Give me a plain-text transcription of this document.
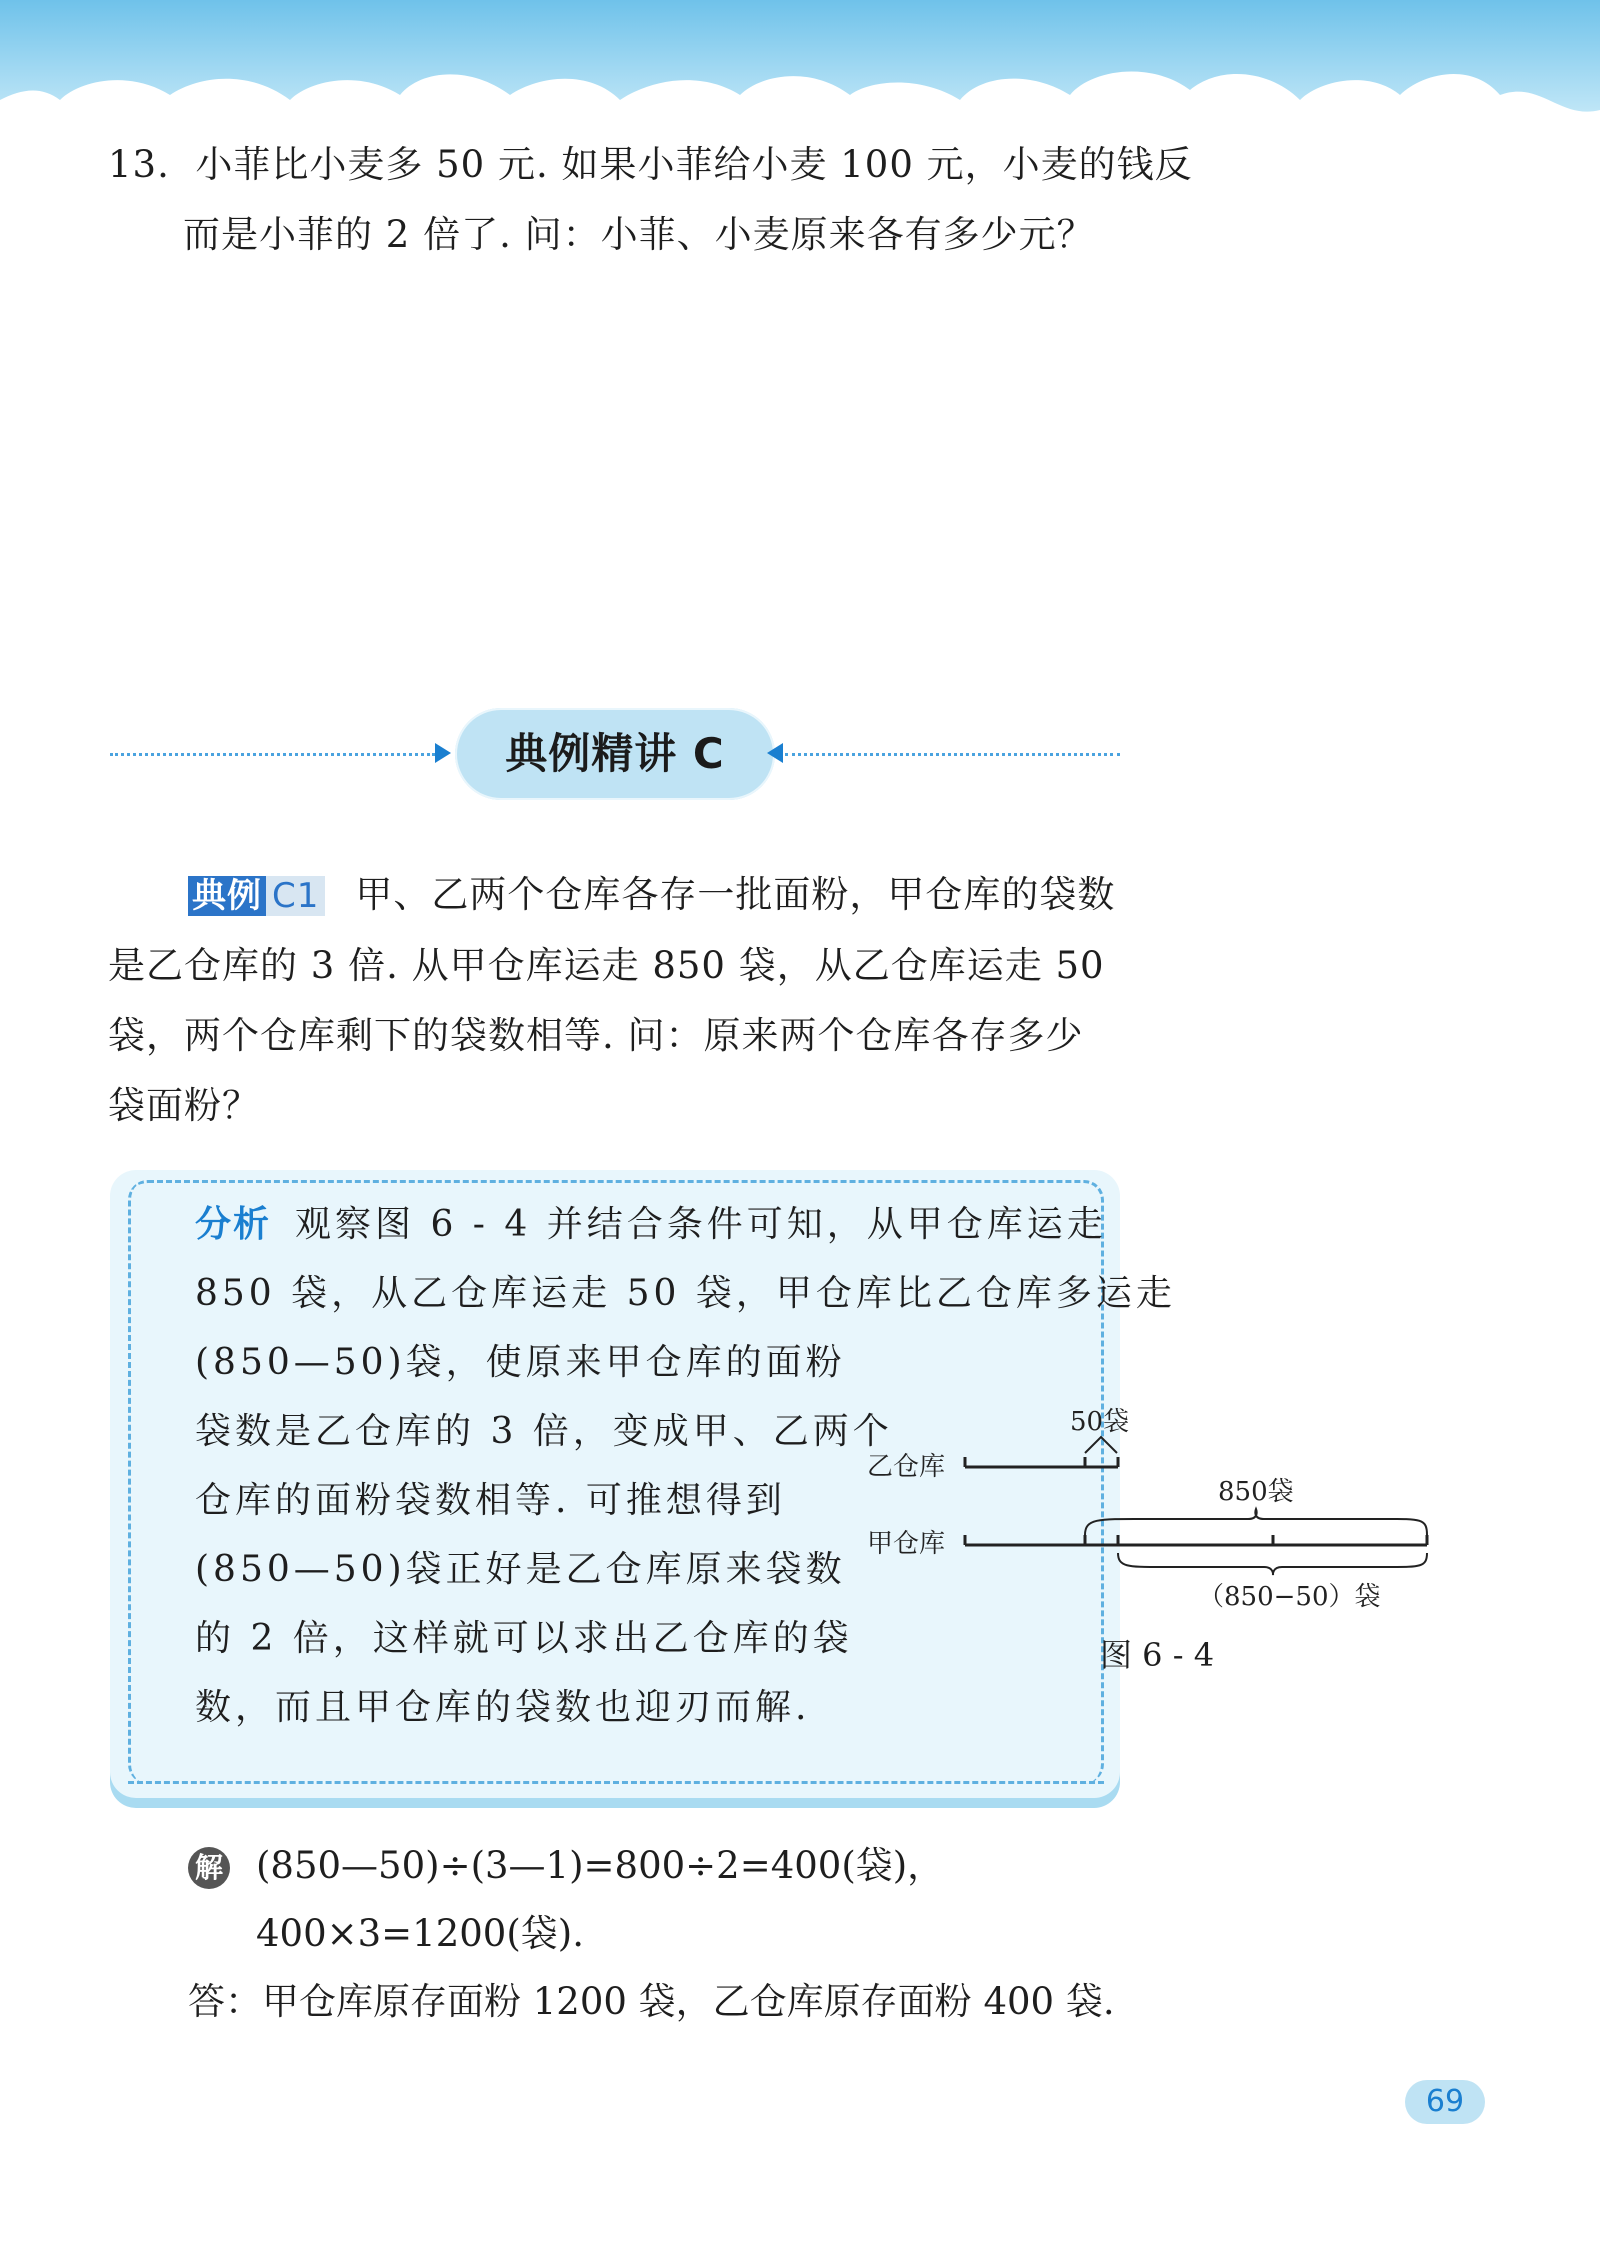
13. 小菲比小麦多 50 元. 如果小菲给小麦 100 元，小麦的钱反
而是小菲的 2 倍了. 问：小菲、小麦原来各有多少元？
典例精讲 C
典例 C1 甲、乙两个仓库各存一批面粉，甲仓库的袋数
是乙仓库的 3 倍. 从甲仓库运走 850 袋，从乙仓库运走 50
袋，两个仓库剩下的袋数相等. 问：原来两个仓库各存多少
袋面粉？
分析 观察图 6 - 4 并结合条件可知，从甲仓库运走
850 袋，从乙仓库运走 50 袋，甲仓库比乙仓库多运走
(850—50)袋，使原来甲仓库的面粉
袋数是乙仓库的 3 倍，变成甲、乙两个
仓库的面粉袋数相等. 可推想得到
(850—50)袋正好是乙仓库原来袋数
的 2 倍，这样就可以求出乙仓库的袋
数，而且甲仓库的袋数也迎刃而解.
乙仓库
甲仓库
50袋
850袋
（850−50）袋
图 6 - 4
解 (850—50)÷(3—1)=800÷2=400(袋)，
400×3=1200(袋).
答：甲仓库原存面粉 1200 袋，乙仓库原存面粉 400 袋.
69
